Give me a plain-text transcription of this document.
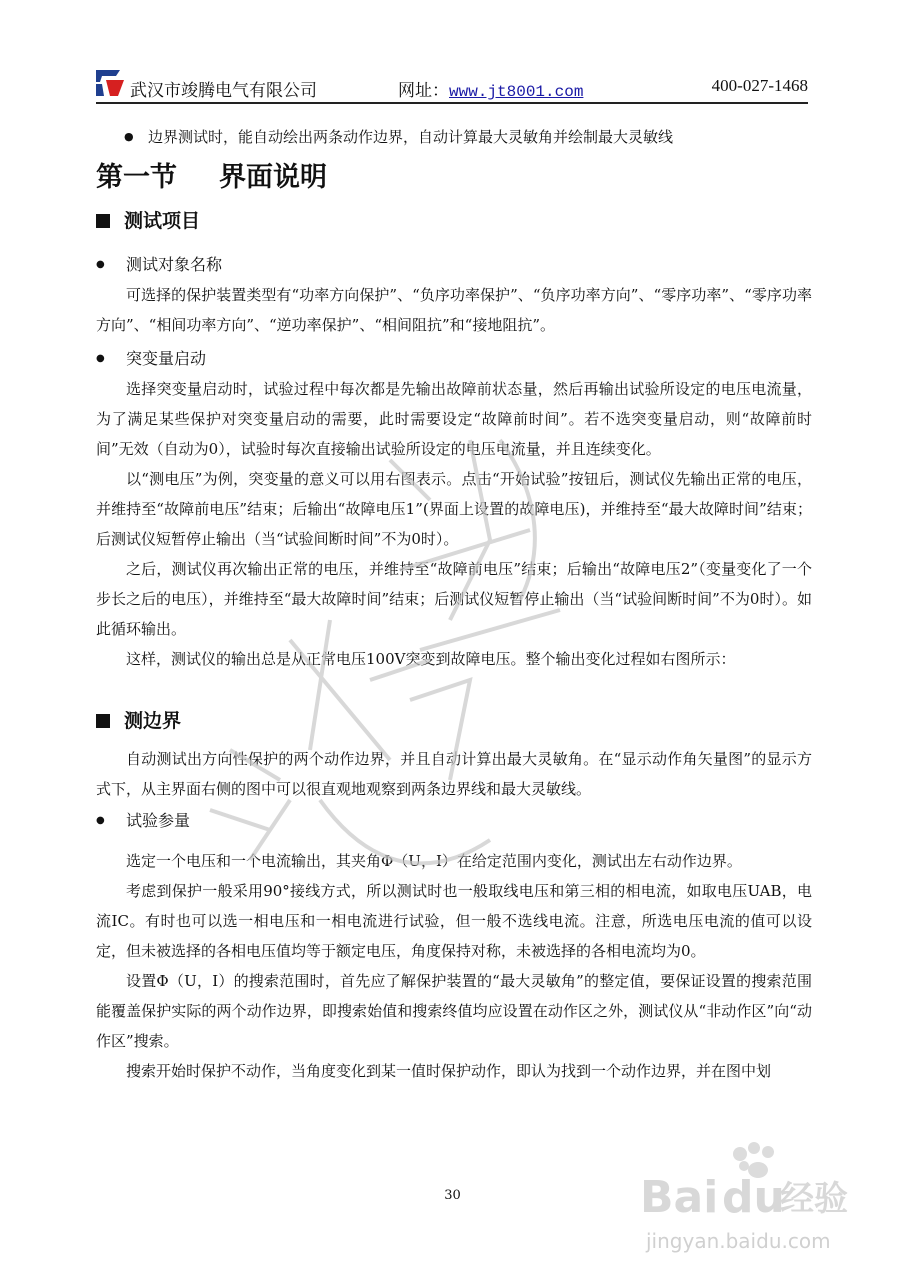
武汉市竣腾电气有限公司	网址：www.jt8001.com	400-027-1468

● 边界测试时，能自动绘出两条动作边界，自动计算最大灵敏角并绘制最大灵敏线

第一节 界面说明
测试项目

● 测试对象名称

可选择的保护装置类型有“功率方向保护”、“负序功率保护”、“负序功率方向”、“零序功率”、“零序功率方向”、“相间功率方向”、“逆功率保护”、“相间阻抗”和“接地阻抗”。

● 突变量启动

选择突变量启动时，试验过程中每次都是先输出故障前状态量，然后再输出试验所设定的电压电流量，为了满足某些保护对突变量启动的需要，此时需要设定“故障前时间”。若不选突变量启动，则“故障前时间”无效（自动为0），试验时每次直接输出试验所设定的电压电流量，并且连续变化。

以“测电压”为例，突变量的意义可以用右图表示。点击“开始试验”按钮后，测试仪先输出正常的电压，并维持至“故障前电压”结束；后输出“故障电压1”(界面上设置的故障电压)，并维持至“最大故障时间”结束；后测试仪短暂停止输出（当“试验间断时间”不为0时）。

之后，测试仪再次输出正常的电压，并维持至“故障前电压”结束；后输出“故障电压2”（变量变化了一个步长之后的电压），并维持至“最大故障时间”结束；后测试仪短暂停止输出（当“试验间断时间”不为0时）。如此循环输出。

这样，测试仪的输出总是从正常电压100V突变到故障电压。整个输出变化过程如右图所示：

测边界

自动测试出方向性保护的两个动作边界，并且自动计算出最大灵敏角。在“显示动作角矢量图”的显示方式下，从主界面右侧的图中可以很直观地观察到两条边界线和最大灵敏线。

● 试验参量

选定一个电压和一个电流输出，其夹角Φ（U，I）在给定范围内变化，测试出左右动作边界。

考虑到保护一般采用90°接线方式，所以测试时也一般取线电压和第三相的相电流，如取电压UAB，电流IC。有时也可以选一相电压和一相电流进行试验，但一般不选线电流。注意，所选电压电流的值可以设定，但未被选择的各相电压值均等于额定电压，角度保持对称，未被选择的各相电流均为0。

设置Φ（U，I）的搜索范围时，首先应了解保护装置的“最大灵敏角”的整定值，要保证设置的搜索范围能覆盖保护实际的两个动作边界，即搜索始值和搜索终值均应设置在动作区之外，测试仪从“非动作区”向“动作区”搜索。

搜索开始时保护不动作，当角度变化到某一值时保护动作，即认为找到一个动作边界，并在图中划

30	Bai du
经验
jingyan.baidu.com
